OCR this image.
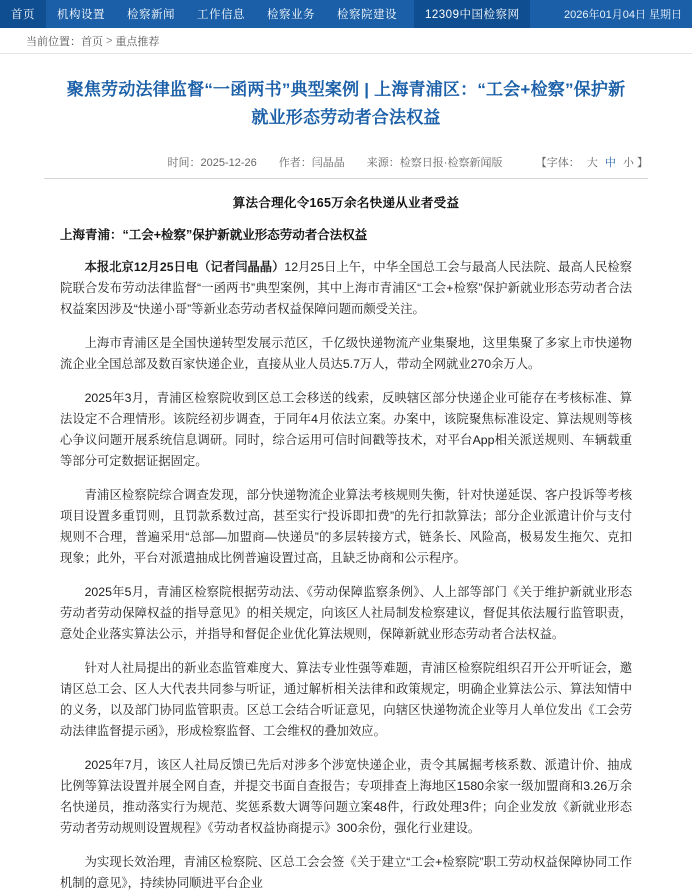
首页 机构设置 检察新闻 工作信息 检察业务 检察院建设 12309中国检察网	2026年01月04日 星期日
当前位置： 首页 > 重点推荐
聚焦劳动法律监督“一函两书”典型案例 | 上海青浦区：“工会+检察”保护新就业形态劳动者合法权益
时间：2025-12-26 作者：闫晶晶 来源：检察日报·检察新闻版	【字体： 大 中 小 】
算法合理化令165万余名快递从业者受益
上海青浦：“工会+检察”保护新就业形态劳动者合法权益

本报北京12月25日电（记者闫晶晶）12月25日上午，中华全国总工会与最高人民法院、最高人民检察院联合发布劳动法律监督“一函两书”典型案例，其中上海市青浦区“工会+检察”保护新就业形态劳动者合法权益案因涉及“快递小哥”等新业态劳动者权益保障问题而颇受关注。

上海市青浦区是全国快递转型发展示范区，千亿级快递物流产业集聚地，这里集聚了多家上市快递物流企业全国总部及数百家快递企业，直接从业人员达5.7万人，带动全网就业270余万人。

2025年3月，青浦区检察院收到区总工会移送的线索，反映辖区部分快递企业可能存在考核标准、算法设定不合理情形。该院经初步调查，于同年4月依法立案。办案中，该院聚焦标准设定、算法规则等核心争议问题开展系统信息调研。同时，综合运用可信时间戳等技术，对平台App相关派送规则、车辆载重等部分可定数据证据固定。

青浦区检察院综合调查发现，部分快递物流企业算法考核规则失衡，针对快递延误、客户投诉等考核项目设置多重罚则，且罚款系数过高，甚至实行“投诉即扣费”的先行扣款算法；部分企业派遣计价与支付规则不合理，普遍采用“总部—加盟商—快递员”的多层转接方式，链条长、风险高，极易发生拖欠、克扣现象；此外，平台对派遣抽成比例普遍设置过高，且缺乏协商和公示程序。

2025年5月，青浦区检察院根据劳动法、《劳动保障监察条例》、人上部等部门《关于维护新就业形态劳动者劳动保障权益的指导意见》的相关规定，向该区人社局制发检察建议，督促其依法履行监管职责，意处企业落实算法公示，并指导和督促企业优化算法规则，保障新就业形态劳动者合法权益。

针对人社局提出的新业态监管难度大、算法专业性强等难题，青浦区检察院组织召开公开听证会，邀请区总工会、区人大代表共同参与听证，通过解析相关法律和政策规定，明确企业算法公示、算法知情中的义务，以及部门协同监管职责。区总工会结合听证意见，向辖区快递物流企业等月人单位发出《工会劳动法律监督提示函》，形成检察监督、工会维权的叠加效应。

2025年7月，该区人社局反馈已先后对涉多个涉宽快递企业，责令其属掘考核系数、派遣计价、抽成比例等算法设置并展全网自查，并提交书面自查报告；专项排查上海地区1580余家一级加盟商和3.26万余名快递员，推动落实行为规范、奖惩系数大调等问题立案48件，行政处理3件；向企业发放《新就业形态劳动者劳动规则设置规程》《劳动者权益协商提示》300余份，强化行业建设。

为实现长效治理，青浦区检察院、区总工会会签《关于建立“工会+检察院”职工劳动权益保障协同工作机制的意见》，持续协同顺进平台企业
